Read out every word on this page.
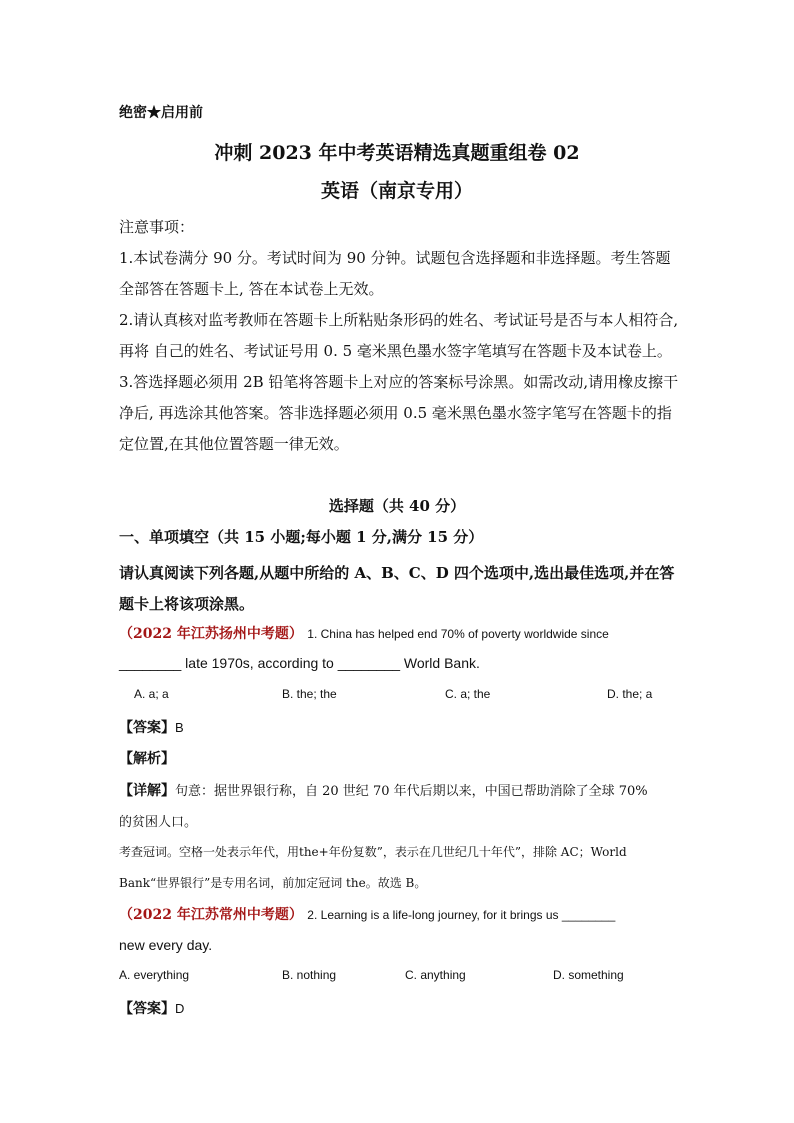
绝密★启用前
冲刺 2023 年中考英语精选真题重组卷 02
英语（南京专用）

注意事项：

1.本试卷满分 90 分。考试时间为 90 分钟。试题包含选择题和非选择题。考生答题全部答在答题卡上, 答在本试卷上无效。

2.请认真核对监考教师在答题卡上所粘贴条形码的姓名、考试证号是否与本人相符合,再将 自己的姓名、考试证号用 0. 5 毫米黑色墨水签字笔填写在答题卡及本试卷上。

3.答选择题必须用 2B 铅笔将答题卡上对应的答案标号涂黑。如需改动,请用橡皮擦干净后, 再选涂其他答案。答非选择题必须用 0.5 毫米黑色墨水签字笔写在答题卡的指定位置,在其他位置答题一律无效。

选择题（共 40 分）
一、单项填空（共 15 小题;每小题 1 分,满分 15 分）
请认真阅读下列各题,从题中所给的 A、B、C、D 四个选项中,选出最佳选项,并在答题卡上将该项涂黑。
（2022 年江苏扬州中考题） 1. China has helped end 70% of poverty worldwide since
________ late 1970s, according to ________ World Bank.
A. a; a	B. the; the	C. a; the	D. the; a
【答案】B
【解析】
【详解】句意：据世界银行称，自 20 世纪 70 年代后期以来，中国已帮助消除了全球 70%
的贫困人口。
考查冠词。空格一处表示年代，用the+年份复数”，表示在几世纪几十年代”，排除 AC；World
Bank“世界银行”是专用名词，前加定冠词 the。故选 B。
（2022 年江苏常州中考题） 2. Learning is a life-long journey, for it brings us ________
new every day.
A. everything	B. nothing	C. anything	D. something
【答案】D
